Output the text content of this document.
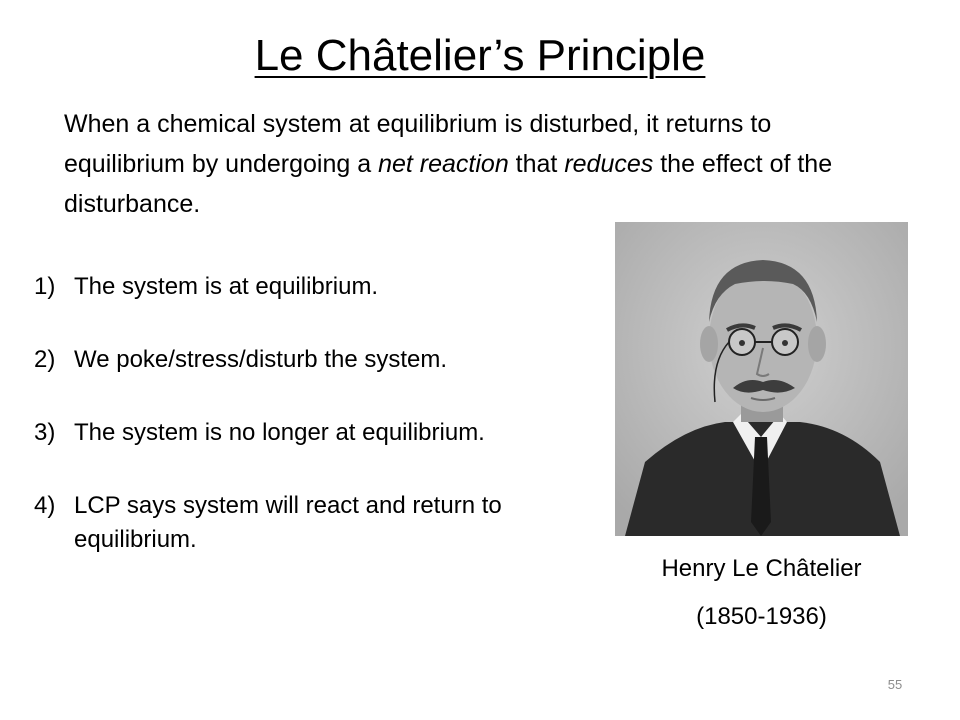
Le Châtelier’s Principle
When a chemical system at equilibrium is disturbed, it returns to equilibrium by undergoing a net reaction that reduces the effect of the disturbance.
1) The system is at equilibrium.
2) We poke/stress/disturb the system.
3) The system is no longer at equilibrium.
4) LCP says system will react and return to equilibrium.
Henry Le Châtelier
(1850-1936)
55
